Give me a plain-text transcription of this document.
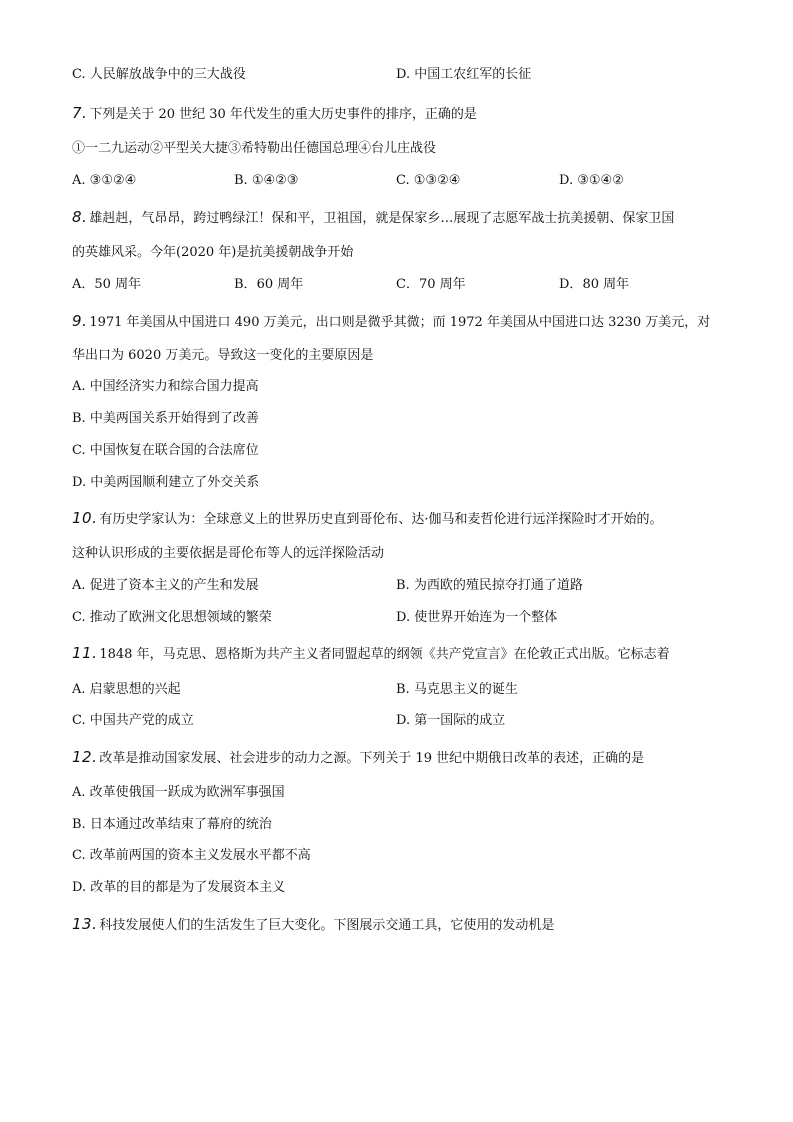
C. 人民解放战争中的三大战役	D. 中国工农红军的长征
7. 下列是关于 20 世纪 30 年代发生的重大历史事件的排序，正确的是
①一二九运动②平型关大捷③希特勒出任德国总理④台儿庄战役
A. ③①②④	B. ①④②③	C. ①③②④	D. ③①④②
8. 雄赳赳，气昂昂，跨过鸭绿江！保和平，卫祖国，就是保家乡…展现了志愿军战士抗美援朝、保家卫国
的英雄风采。今年(2020 年)是抗美援朝战争开始
A．50 周年	B．60 周年	C．70 周年	D．80 周年
9. 1971 年美国从中国进口 490 万美元，出口则是微乎其微；而 1972 年美国从中国进口达 3230 万美元，对
华出口为 6020 万美元。导致这一变化的主要原因是
A. 中国经济实力和综合国力提高
B. 中美两国关系开始得到了改善
C. 中国恢复在联合国的合法席位
D. 中美两国顺利建立了外交关系
10. 有历史学家认为：全球意义上的世界历史直到哥伦布、达·伽马和麦哲伦进行远洋探险时才开始的。
这种认识形成的主要依据是哥伦布等人的远洋探险活动
A. 促进了资本主义的产生和发展	B. 为西欧的殖民掠夺打通了道路
C. 推动了欧洲文化思想领域的繁荣	D. 使世界开始连为一个整体
11. 1848 年，马克思、恩格斯为共产主义者同盟起草的纲领《共产党宣言》在伦敦正式出版。它标志着
A. 启蒙思想的兴起	B. 马克思主义的诞生
C. 中国共产党的成立	D. 第一国际的成立
12. 改革是推动国家发展、社会进步的动力之源。下列关于 19 世纪中期俄日改革的表述，正确的是
A. 改革使俄国一跃成为欧洲军事强国
B. 日本通过改革结束了幕府的统治
C. 改革前两国的资本主义发展水平都不高
D. 改革的目的都是为了发展资本主义
13. 科技发展使人们的生活发生了巨大变化。下图展示交通工具，它使用的发动机是
